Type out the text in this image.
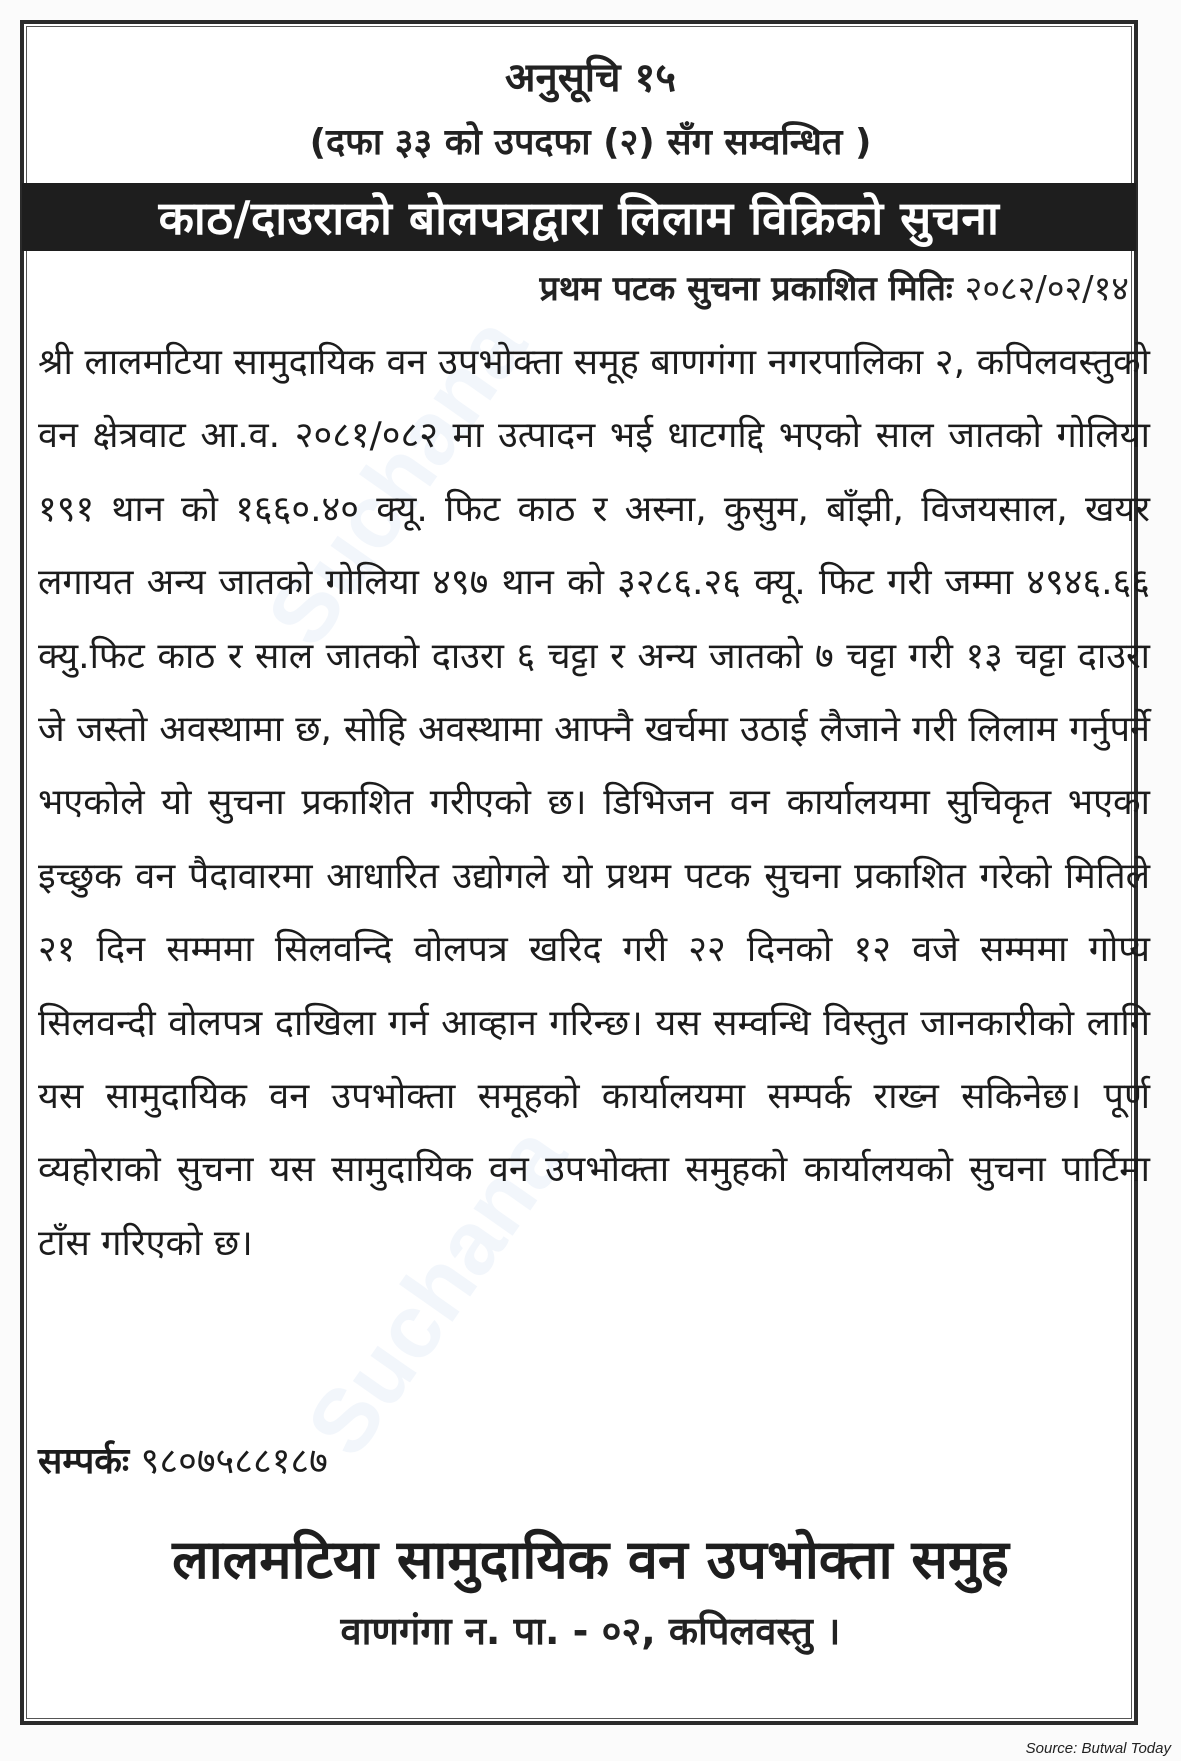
अनुसूचि १५
(दफा ३३ को उपदफा (२) सँग सम्वन्धित )
काठ/दाउराको बोलपत्रद्वारा लिलाम विक्रिको सुचना
प्रथम पटक सुचना प्रकाशित मितिः २०८२/०२/१४
श्री लालमटिया सामुदायिक वन उपभोक्ता समूह बाणगंगा नगरपालिका २, कपिलवस्तुको वन क्षेत्रवाट आ.व. २०८१/०८२ मा उत्पादन भई धाटगद्दि भएको साल जातको गोलिया १९१ थान को १६६०.४० क्यू. फिट काठ र अस्ना, कुसुम, बाँझी, विजयसाल, खयर लगायत अन्य जातको गोलिया ४९७ थान को ३२८६.२६ क्यू. फिट गरी जम्मा ४९४६.६६ क्यु.फिट काठ र साल जातको दाउरा ६ चट्टा र अन्य जातको ७ चट्टा गरी १३ चट्टा दाउरा जे जस्तो अवस्थामा छ, सोहि अवस्थामा आफ्नै खर्चमा उठाई लैजाने गरी लिलाम गर्नुपर्ने भएकोले यो सुचना प्रकाशित गरीएको छ। डिभिजन वन कार्यालयमा सुचिकृत भएका इच्छुक वन पैदावारमा आधारित उद्योगले यो प्रथम पटक सुचना प्रकाशित गरेको मितिले २१ दिन सम्ममा सिलवन्दि वोलपत्र खरिद गरी २२ दिनको १२ वजे सम्ममा गोप्य सिलवन्दी वोलपत्र दाखिला गर्न आव्हान गरिन्छ। यस सम्वन्धि विस्तुत जानकारीको लागि यस सामुदायिक वन उपभोक्ता समूहको कार्यालयमा सम्पर्क राख्न सकिनेछ। पूर्ण व्यहोराको सुचना यस सामुदायिक वन उपभोक्ता समुहको कार्यालयको सुचना पार्टिमा टाँस गरिएको छ।
सम्पर्कः ९८०७५८८१८७
लालमटिया सामुदायिक वन उपभोक्ता समुह
वाणगंगा न. पा. - ०२, कपिलवस्तु ।
Source: Butwal Today
